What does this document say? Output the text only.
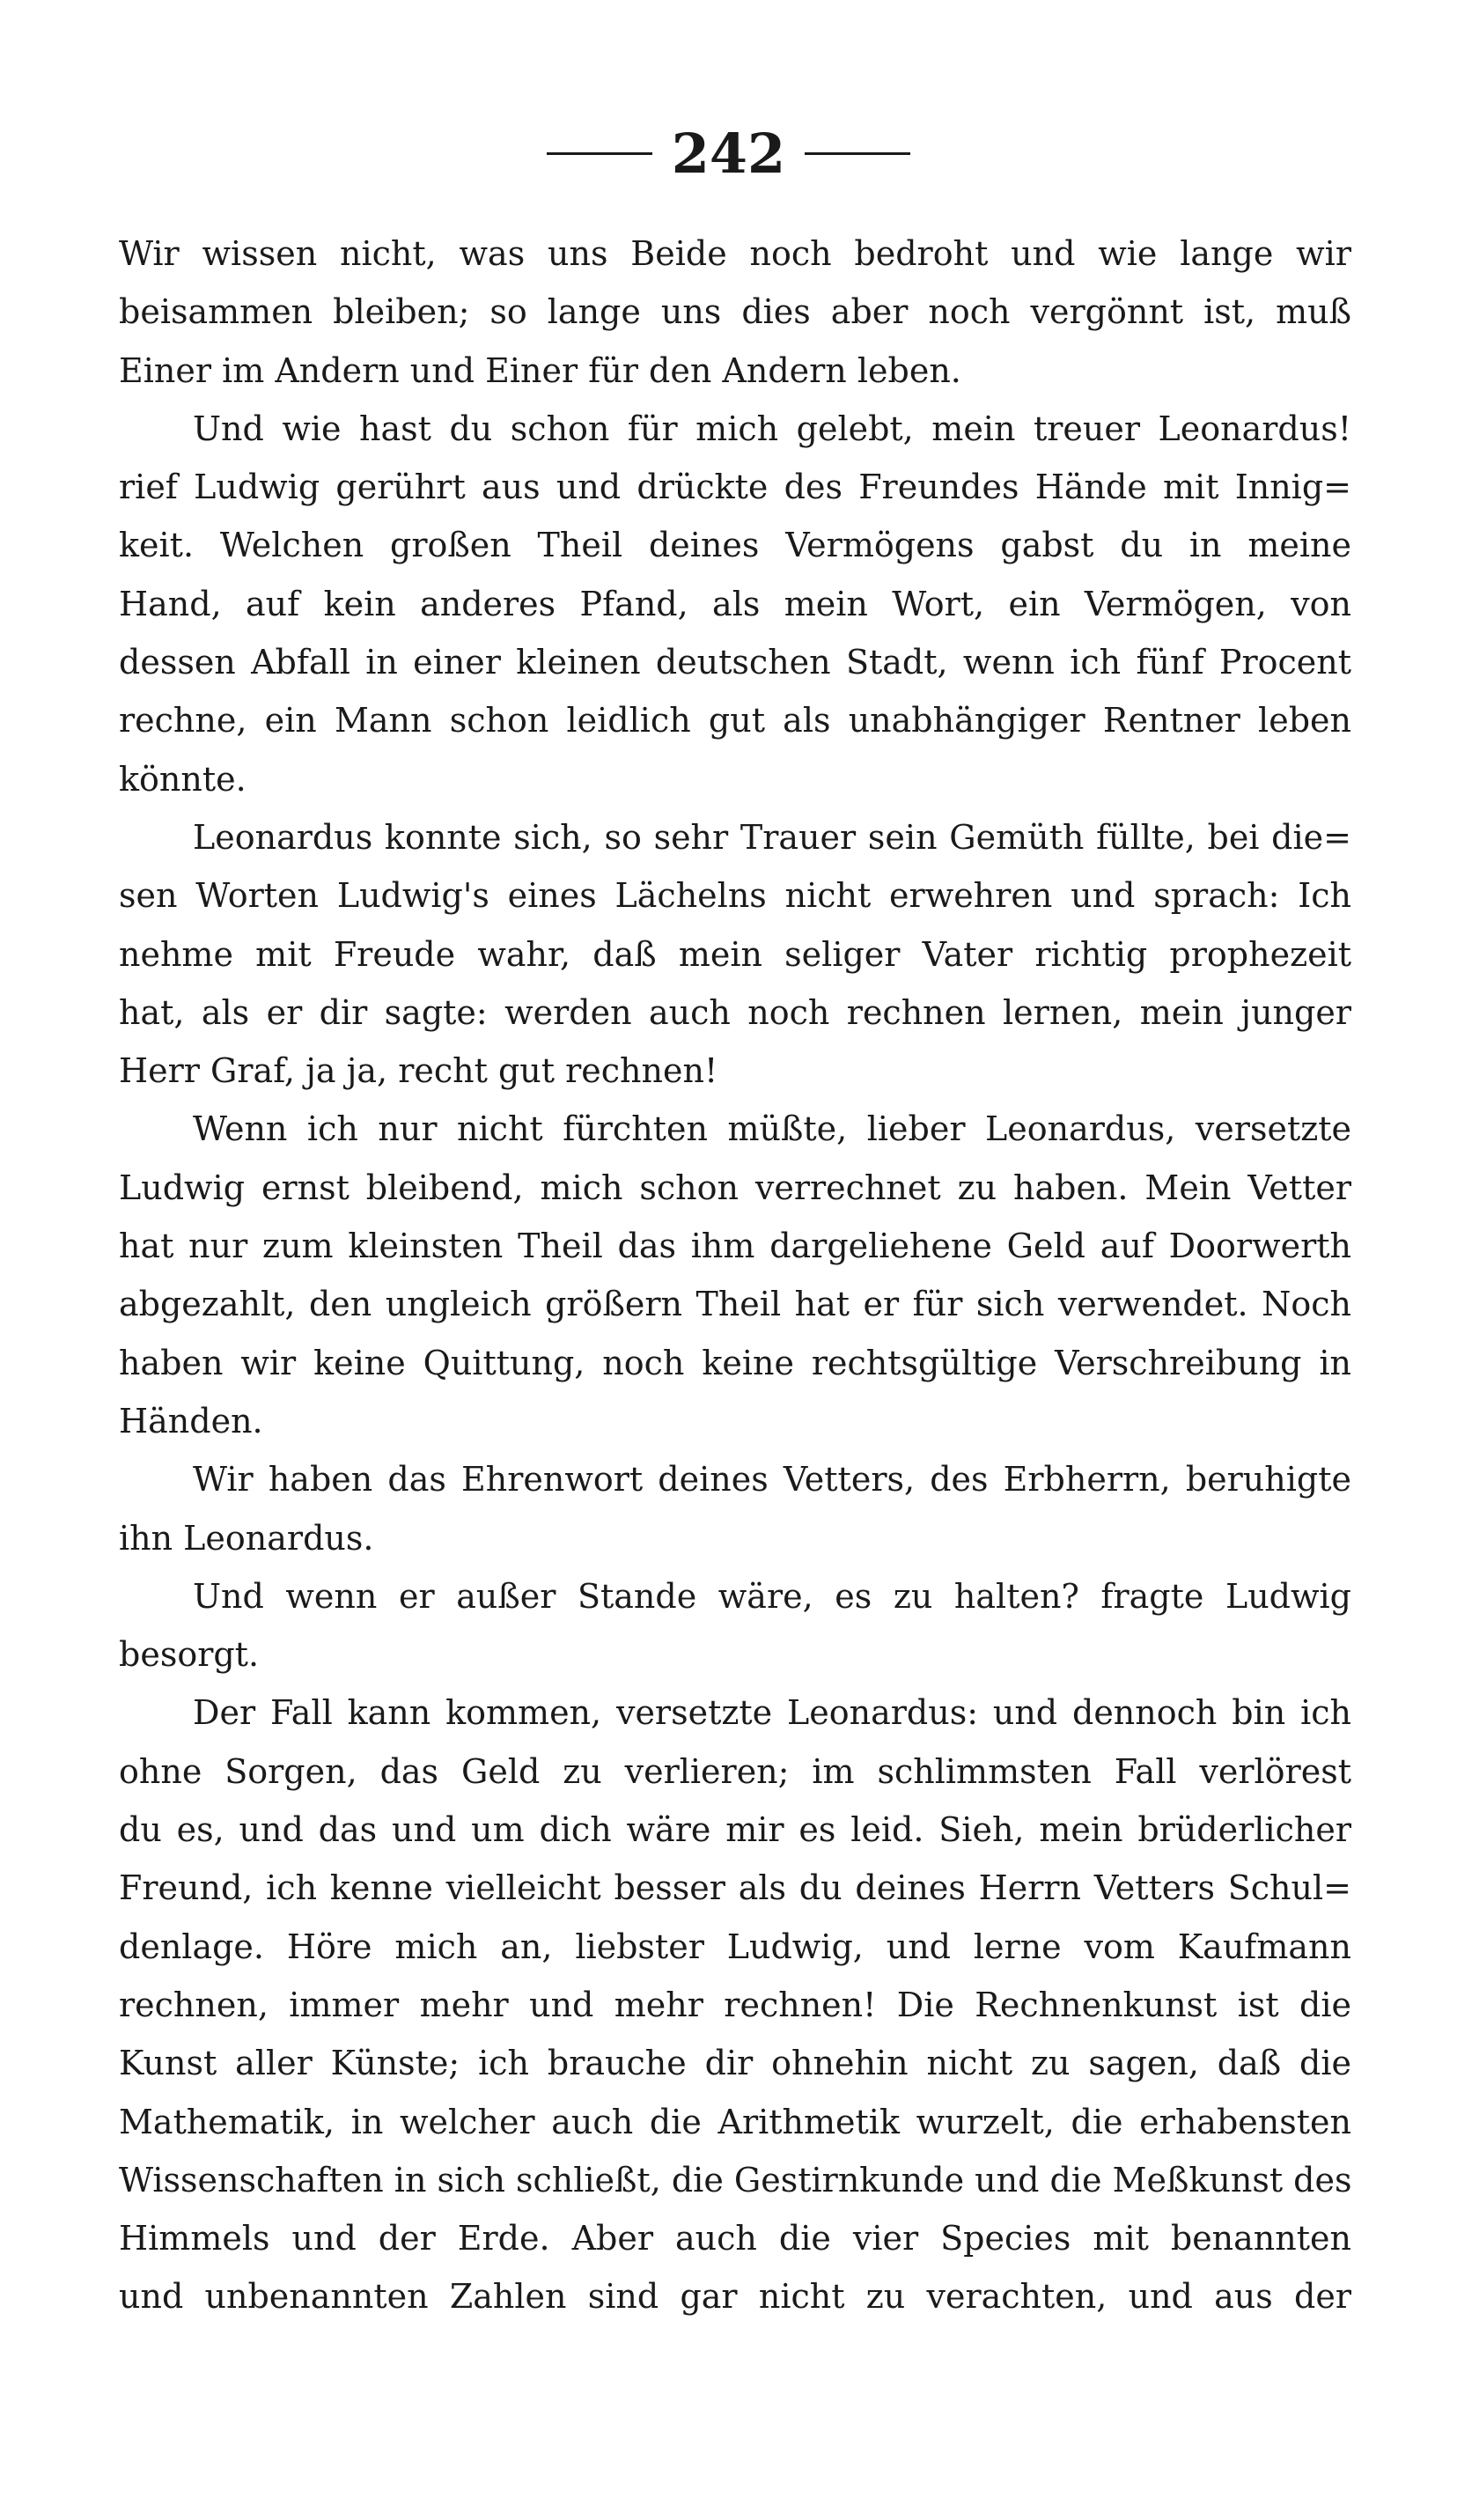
242
Wir wissen nicht, was uns Beide noch bedroht und wie lange wir
beisammen bleiben; so lange uns dies aber noch vergönnt ist, muß
Einer im Andern und Einer für den Andern leben.
Und wie hast du schon für mich gelebt, mein treuer Leonardus!
rief Ludwig gerührt aus und drückte des Freundes Hände mit Innig=
keit. Welchen großen Theil deines Vermögens gabst du in meine
Hand, auf kein anderes Pfand, als mein Wort, ein Vermögen, von
dessen Abfall in einer kleinen deutschen Stadt, wenn ich fünf Procent
rechne, ein Mann schon leidlich gut als unabhängiger Rentner leben
könnte.
Leonardus konnte sich, so sehr Trauer sein Gemüth füllte, bei die=
sen Worten Ludwig's eines Lächelns nicht erwehren und sprach: Ich
nehme mit Freude wahr, daß mein seliger Vater richtig prophezeit
hat, als er dir sagte: werden auch noch rechnen lernen, mein junger
Herr Graf, ja ja, recht gut rechnen!
Wenn ich nur nicht fürchten müßte, lieber Leonardus, versetzte
Ludwig ernst bleibend, mich schon verrechnet zu haben. Mein Vetter
hat nur zum kleinsten Theil das ihm dargeliehene Geld auf Doorwerth
abgezahlt, den ungleich größern Theil hat er für sich verwendet. Noch
haben wir keine Quittung, noch keine rechtsgültige Verschreibung in
Händen.
Wir haben das Ehrenwort deines Vetters, des Erbherrn, beruhigte
ihn Leonardus.
Und wenn er außer Stande wäre, es zu halten? fragte Ludwig
besorgt.
Der Fall kann kommen, versetzte Leonardus: und dennoch bin ich
ohne Sorgen, das Geld zu verlieren; im schlimmsten Fall verlörest
du es, und das und um dich wäre mir es leid. Sieh, mein brüderlicher
Freund, ich kenne vielleicht besser als du deines Herrn Vetters Schul=
denlage. Höre mich an, liebster Ludwig, und lerne vom Kaufmann
rechnen, immer mehr und mehr rechnen! Die Rechnenkunst ist die
Kunst aller Künste; ich brauche dir ohnehin nicht zu sagen, daß die
Mathematik, in welcher auch die Arithmetik wurzelt, die erhabensten
Wissenschaften in sich schließt, die Gestirnkunde und die Meßkunst des
Himmels und der Erde. Aber auch die vier Species mit benannten
und unbenannten Zahlen sind gar nicht zu verachten, und aus der
